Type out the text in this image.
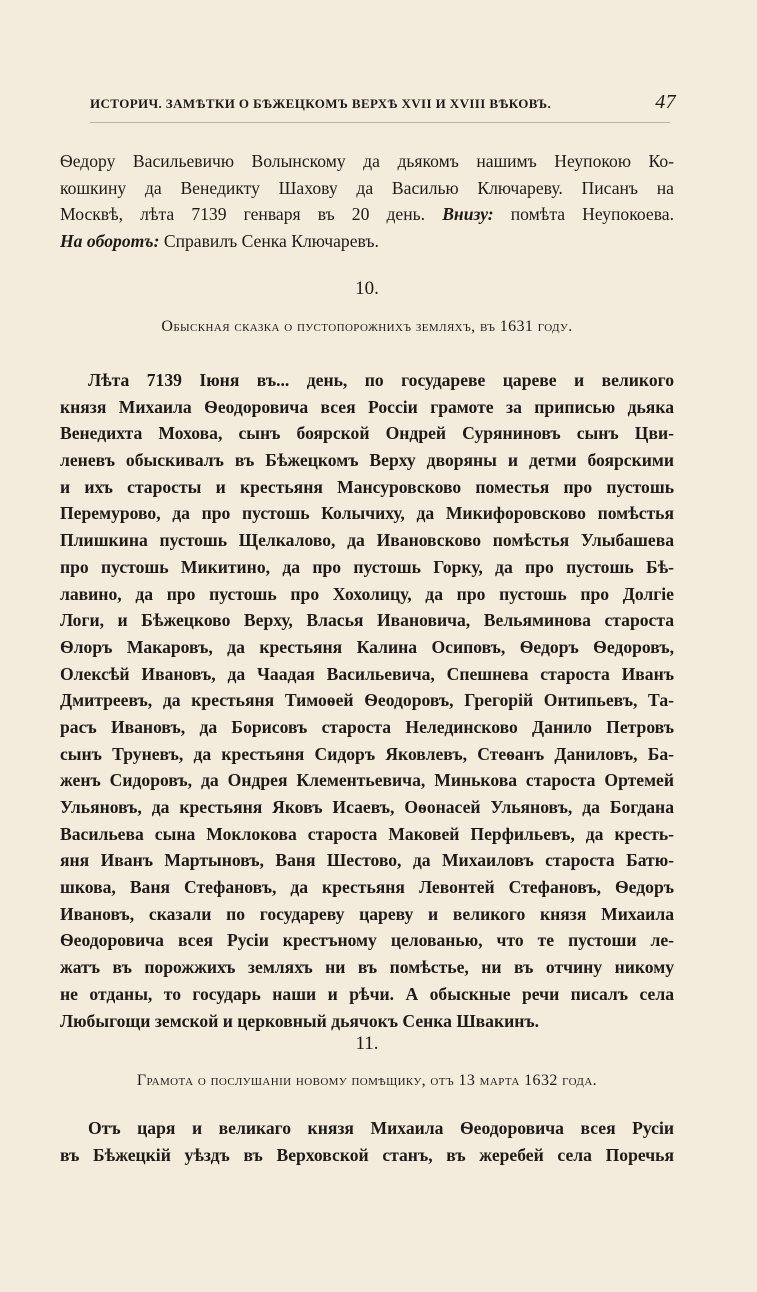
ИСТОРИЧ. ЗАМѢТКИ О БѢЖЕЦКОМЪ ВЕРХѢ XVII И XVIII ВѢКОВЪ.	47
Ѳедору Васильевичю Волынскому да дьякомъ нашимъ Неупокою Ко-
кошкину да Венедикту Шахову да Василью Ключареву. Писанъ на
Москвѣ, лѣта 7139 генваря въ 20 день. Внизу: помѣта Неупокоева.
На оборотъ: Справилъ Сенка Ключаревъ.
10.
Обыскная сказка о пустопорожнихъ земляхъ, въ 1631 году.
Лѣта 7139 Іюня въ... день, по государеве цареве и великого
князя Михаила Ѳеодоровича всея Россіи грамоте за приписью дьяка
Венедихта Мохова, сынъ боярской Ондрей Суряниновъ сынъ Цви-
леневъ обыскивалъ въ Бѣжецкомъ Верху дворяны и детми боярскими
и ихъ старосты и крестьяня Мансуровсково поместья про пустошь
Перемурово, да про пустошь Колычиху, да Микифоровсково помѣстья
Плишкина пустошь Щелкалово, да Ивановсково помѣстья Улыбашева
про пустошь Микитино, да про пустошь Горку, да про пустошь Бѣ-
лавино, да про пустошь про Хохолицу, да про пустошь про Долгіе
Логи, и Бѣжецково Верху, Власья Ивановича, Вельяминова староста
Ѳлоръ Макаровъ, да крестьяня Калина Осиповъ, Ѳедоръ Ѳедоровъ,
Олексѣй Ивановъ, да Чаадая Васильевича, Спешнева староста Иванъ
Дмитреевъ, да крестьяня Тимоѳей Ѳеодоровъ, Грегорій Онтипьевъ, Та-
расъ Ивановъ, да Борисовъ староста Нелединсково Данило Петровъ
сынъ Труневъ, да крестьяня Сидоръ Яковлевъ, Стеѳанъ Даниловъ, Ба-
женъ Сидоровъ, да Ондрея Клементьевича, Минькова староста Ортемей
Ульяновъ, да крестьяня Яковъ Исаевъ, Оѳонасей Ульяновъ, да Богдана
Васильева сына Моклокова староста Маковей Перфильевъ, да кресть-
яня Иванъ Мартыновъ, Ваня Шестово, да Михаиловъ староста Батю-
шкова, Ваня Стефановъ, да крестьяня Левонтей Стефановъ, Ѳедоръ
Ивановъ, сказали по государеву цареву и великого князя Михаила
Ѳеодоровича всея Русіи крестъному целованью, что те пустоши ле-
жатъ въ порожжихъ земляхъ ни въ помѣстье, ни въ отчину никому
не отданы, то государь наши и рѣчи. А обыскные речи писалъ села
Любыгощи земской и церковный дьячокъ Сенка Швакинъ.
11.
Грамота о послушаніи новому помѣщику, отъ 13 марта 1632 года.
Отъ царя и великаго князя Михаила Ѳеодоровича всея Русіи
въ Бѣжецкій уѣздъ въ Верховской станъ, въ жеребей села Поречья
